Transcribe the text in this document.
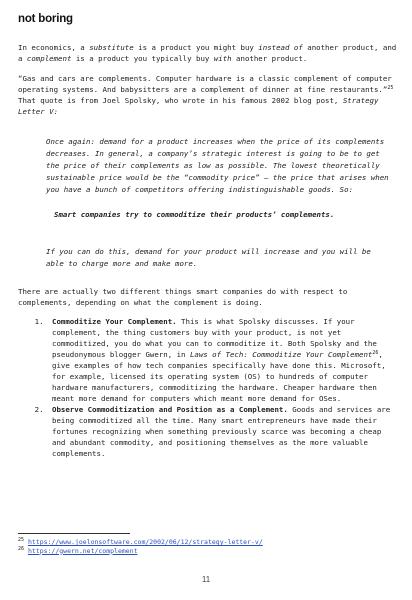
not boring

In economics, a substitute is a product you might buy instead of another product, and a complement is a product you typically buy with another product.

“Gas and cars are complements. Computer hardware is a classic complement of computer operating systems. And babysitters are a complement of dinner at fine restaurants.”$^{25}$ That quote is from Joel Spolsky, who wrote in his famous 2002 blog post, Strategy Letter V:

Once again: demand for a product increases when the price of its complements decreases. In general, a company’s strategic interest is going to be to get the price of their complements as low as possible. The lowest theoretically sustainable price would be the “commodity price” — the price that arises when you have a bunch of competitors offering indistinguishable goods. So:

Smart companies try to commoditize their products’ complements.

If you can do this, demand for your product will increase and you will be able to charge more and make more.

There are actually two different things smart companies do with respect to complements, depending on what the complement is doing.

1. Commoditize Your Complement. This is what Spolsky discusses. If your complement, the thing customers buy with your product, is not yet commoditized, you do what you can to commoditize it. Both Spolsky and the pseudonymous blogger Gwern, in Laws of Tech: Commoditize Your Complement$^{26}$, give examples of how tech companies specifically have done this. Microsoft, for example, licensed its operating system (OS) to hundreds of computer hardware manufacturers, commoditizing the hardware. Cheaper hardware then meant more demand for computers which meant more demand for OSes.
2. Observe Commoditization and Position as a Complement. Goods and services are being commoditized all the time. Many smart entrepreneurs have made their fortunes recognizing when something previously scarce was becoming a cheap and abundant commodity, and positioning themselves as the more valuable complements.
$^{25}$ https://www.joelonsoftware.com/2002/06/12/strategy-letter-v/
$^{26}$ https://gwern.net/complement
11
